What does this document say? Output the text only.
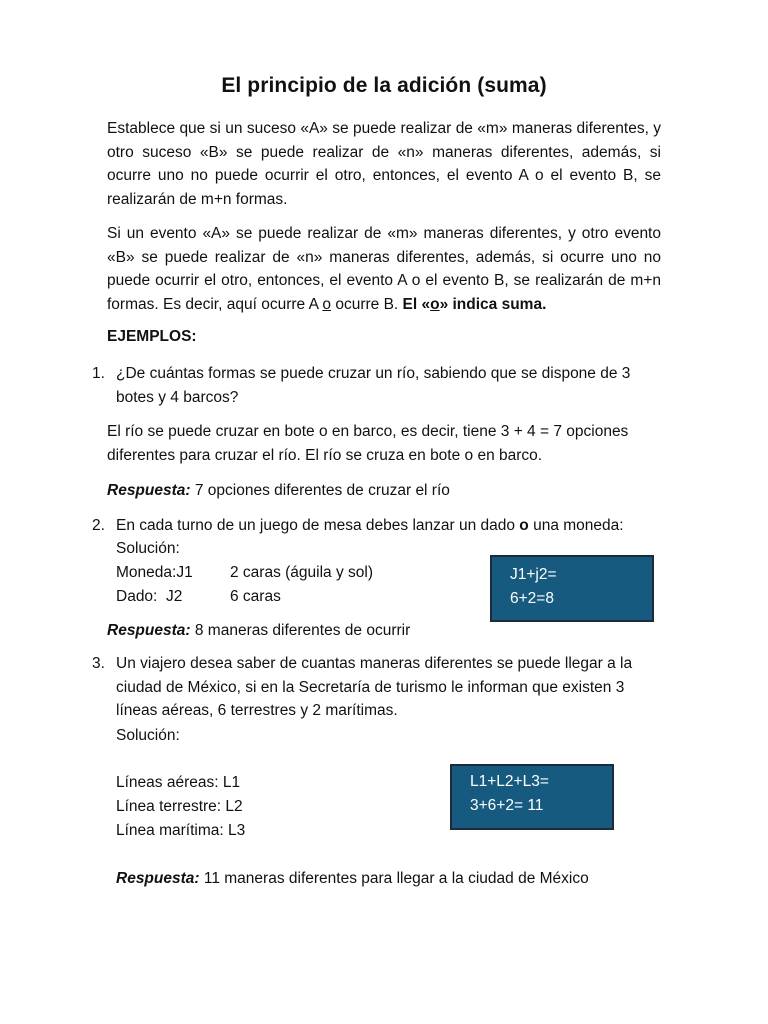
El principio de la adición (suma)
Establece que si un suceso «A» se puede realizar de «m» maneras diferentes, y otro suceso «B» se puede realizar de «n» maneras diferentes, además, si ocurre uno no puede ocurrir el otro, entonces, el evento A o el evento B, se realizarán de m+n formas.
Si un evento «A» se puede realizar de «m» maneras diferentes, y otro evento «B» se puede realizar de «n» maneras diferentes, además, si ocurre uno no puede ocurrir el otro, entonces, el evento A o el evento B, se realizarán de m+n formas. Es decir, aquí ocurre A o ocurre B. El «o» indica suma.
EJEMPLOS:
1. ¿De cuántas formas se puede cruzar un río, sabiendo que se dispone de 3 botes y 4 barcos?
El río se puede cruzar en bote o en barco, es decir, tiene 3 + 4 = 7 opciones diferentes para cruzar el río. El río se cruza en bote o en barco.
Respuesta: 7 opciones diferentes de cruzar el río
2. En cada turno de un juego de mesa debes lanzar un dado o una moneda:
Solución:
Moneda:J1 2 caras (águila y sol)
Dado:  J2	6 caras
J1+j2=
6+2=8
Respuesta: 8 maneras diferentes de ocurrir
3. Un viajero desea saber de cuantas maneras diferentes se puede llegar a la ciudad de México, si en la Secretaría de turismo le informan que existen 3 líneas aéreas, 6 terrestres y 2 marítimas.
Solución:
Líneas aéreas: L1
Línea terrestre: L2
Línea marítima: L3
L1+L2+L3=
3+6+2= 11
Respuesta: 11 maneras diferentes para llegar a la ciudad de México
